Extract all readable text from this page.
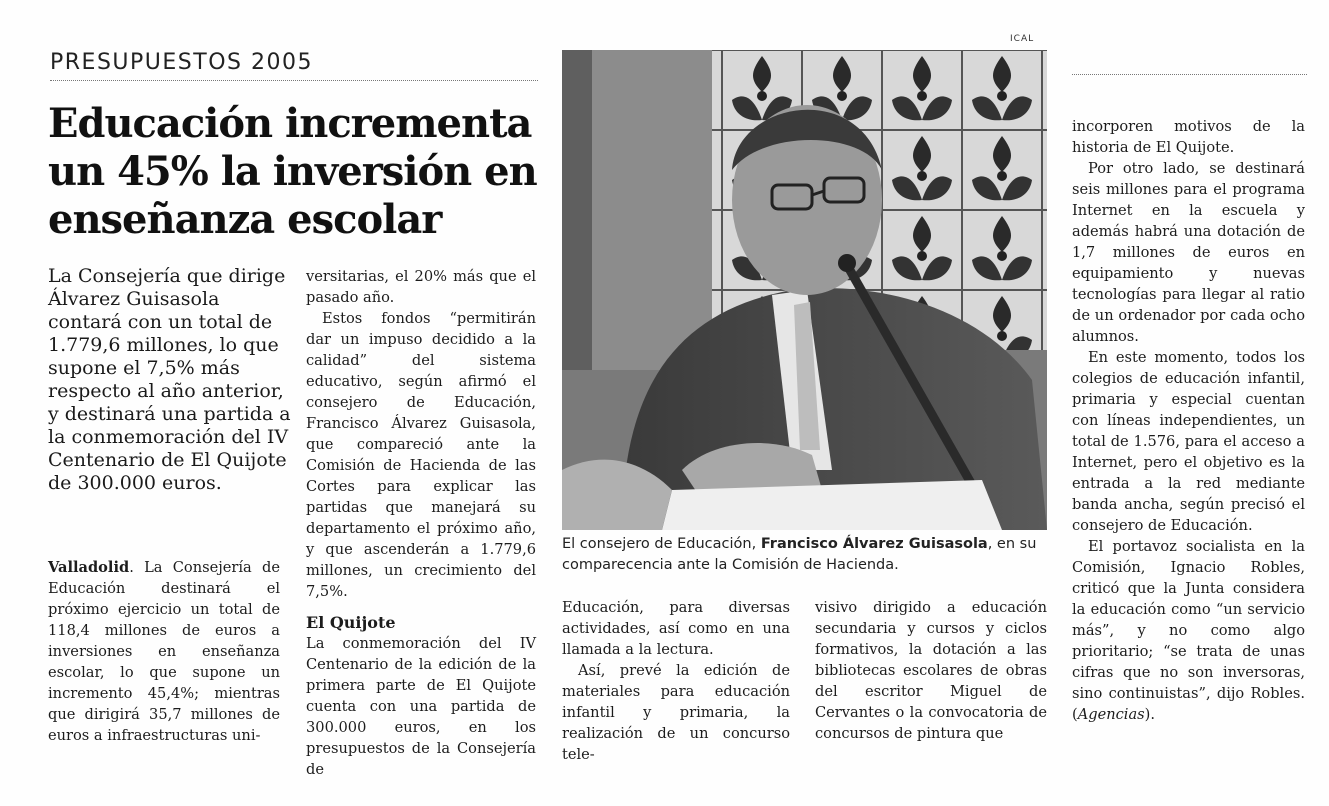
PRESUPUESTOS 2005
Educación incrementa un 45% la inversión en enseñanza escolar
La Consejería que dirige Álvarez Guisasola contará con un total de 1.779,6 millones, lo que supone el 7,5% más respecto al año anterior, y destinará una partida a la conmemoración del IV Centenario de El Quijote de 300.000 euros.

Valladolid. La Consejería de Educación destinará el próximo ejercicio un total de 118,4 millones de euros a inversiones en enseñanza escolar, lo que supone un incremento 45,4%; mientras que dirigirá 35,7 millones de euros a infraestructuras uni-

versitarias, el 20% más que el pasado año.

Estos fondos “permitirán dar un impuso decidido a la calidad” del sistema educativo, según afirmó el consejero de Educación, Francisco Álvarez Guisasola, que compareció ante la Comisión de Hacienda de las Cortes para explicar las partidas que manejará su departamento el próximo año, y que ascenderán a 1.779,6 millones, un crecimiento del 7,5%.

El Quijote

La conmemoración del IV Centenario de la edición de la primera parte de El Quijote cuenta con una partida de 300.000 euros, en los presupuestos de la Consejería de

ICAL
El consejero de Educación, Francisco Álvarez Guisasola, en su comparecencia ante la Comisión de Hacienda.

Educación, para diversas actividades, así como en una llamada a la lectura.

Así, prevé la edición de materiales para educación infantil y primaria, la realización de un concurso tele-

visivo dirigido a educación secundaria y cursos y ciclos formativos, la dotación a las bibliotecas escolares de obras del escritor Miguel de Cervantes o la convocatoria de concursos de pintura que

incorporen motivos de la historia de El Quijote.

Por otro lado, se destinará seis millones para el programa Internet en la escuela y además habrá una dotación de 1,7 millones de euros en equipamiento y nuevas tecnologías para llegar al ratio de un ordenador por cada ocho alumnos.

En este momento, todos los colegios de educación infantil, primaria y especial cuentan con líneas independientes, un total de 1.576, para el acceso a Internet, pero el objetivo es la entrada a la red mediante banda ancha, según precisó el consejero de Educación.

El portavoz socialista en la Comisión, Ignacio Robles, criticó que la Junta considera la educación como “un servicio más”, y no como algo prioritario; “se trata de unas cifras que no son inversoras, sino continuistas”, dijo Robles. (Agencias).
